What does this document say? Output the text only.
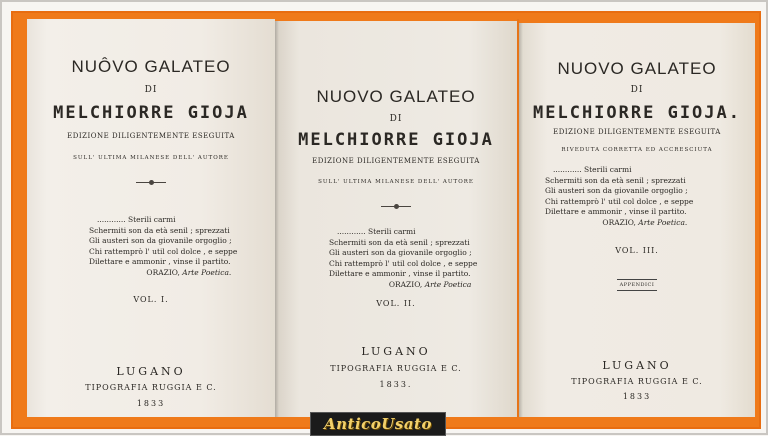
NUÔVO GALATEO
DI
MELCHIORRE GIOJA
EDIZIONE DILIGENTEMENTE ESEGUITA
SULL' ULTIMA MILANESE DELL' AUTORE
............ Sterili carmi
Schermiti son da età senil ; sprezzati
Gli austeri son da giovanile orgoglio ;
Chi rattemprò l' util col dolce , e seppe
Dilettare e ammonir , vinse il partito.
ORAZIO, Arte Poetica.
VOL. I.
LUGANO
TIPOGRAFIA RUGGIA E C.
1833
NUOVO GALATEO
DI
MELCHIORRE GIOJA
EDIZIONE DILIGENTEMENTE ESEGUITA
SULL' ULTIMA MILANESE DELL' AUTORE
............ Sterili carmi
Schermiti son da età senil ; sprezzati
Gli austeri son da giovanile orgoglio ;
Chi rattemprò l' util col dolce , e seppe
Dilettare e ammonir , vinse il partito.
ORAZIO, Arte Poetica
VOL. II.
LUGANO
TIPOGRAFIA RUGGIA E C.
1833.
NUOVO GALATEO
DI
MELCHIORRE GIOJA.
EDIZIONE DILIGENTEMENTE ESEGUITA
RIVEDUTA CORRETTA ED ACCRESCIUTA
............ Sterili carmi
Schermiti son da età senil ; sprezzati
Gli austeri son da giovanile orgoglio ;
Chi rattemprò l' util col dolce , e seppe
Dilettare e ammonir , vinse il partito.
ORAZIO, Arte Poetica.
VOL. III.
APPENDICI
LUGANO
TIPOGRAFIA RUGGIA E C.
1833
AnticoUsato
